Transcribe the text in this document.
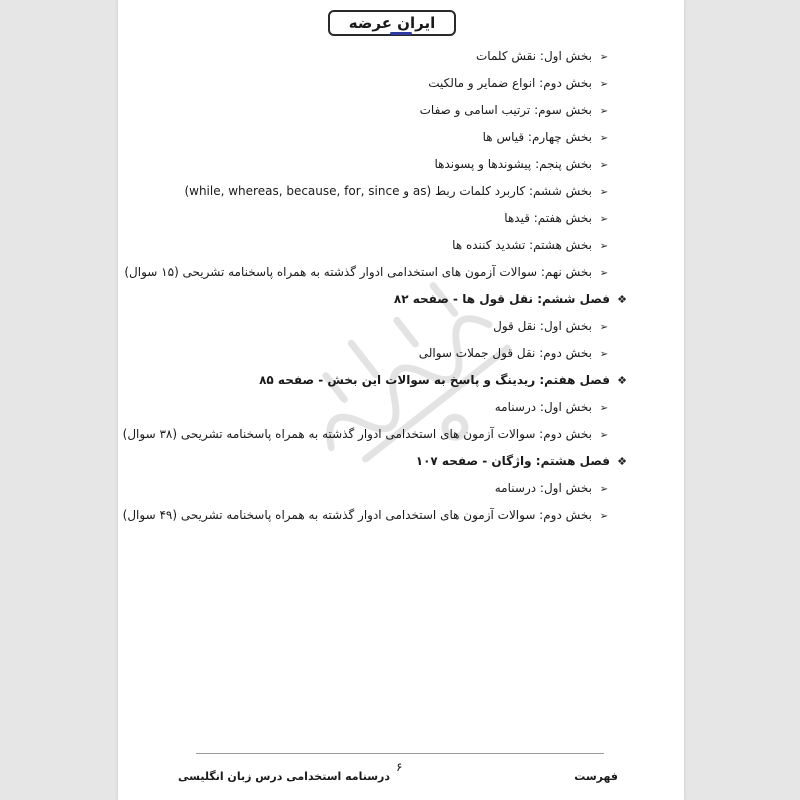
ایران عرضه
➢بخش اول: نقش کلمات
➢بخش دوم: انواع ضمایر و مالکیت
➢بخش سوم: ترتیب اسامی و صفات
➢بخش چهارم: قیاس ها
➢بخش پنجم: پیشوندها و پسوندها
➢بخش ششم: کاربرد کلمات ربط (as و while, whereas, because, for, since)
➢بخش هفتم: قیدها
➢بخش هشتم: تشدید کننده ها
➢بخش نهم: سوالات آزمون های استخدامی ادوار گذشته به همراه پاسخنامه تشریحی (۱۵ سوال)
❖فصل ششم: نقل قول ها - صفحه ۸۲
➢بخش اول: نقل قول
➢بخش دوم: نقل قول جملات سوالی
❖فصل هفتم: ریدینگ و پاسخ به سوالات این بخش - صفحه ۸۵
➢بخش اول: درسنامه
➢بخش دوم: سوالات آزمون های استخدامی ادوار گذشته به همراه پاسخنامه تشریحی (۳۸ سوال)
❖فصل هشتم: واژگان - صفحه ۱۰۷
➢بخش اول: درسنامه
➢بخش دوم: سوالات آزمون های استخدامی ادوار گذشته به همراه پاسخنامه تشریحی (۴۹ سوال)
فهرست
۶
درسنامه استخدامی درس زبان انگلیسی
